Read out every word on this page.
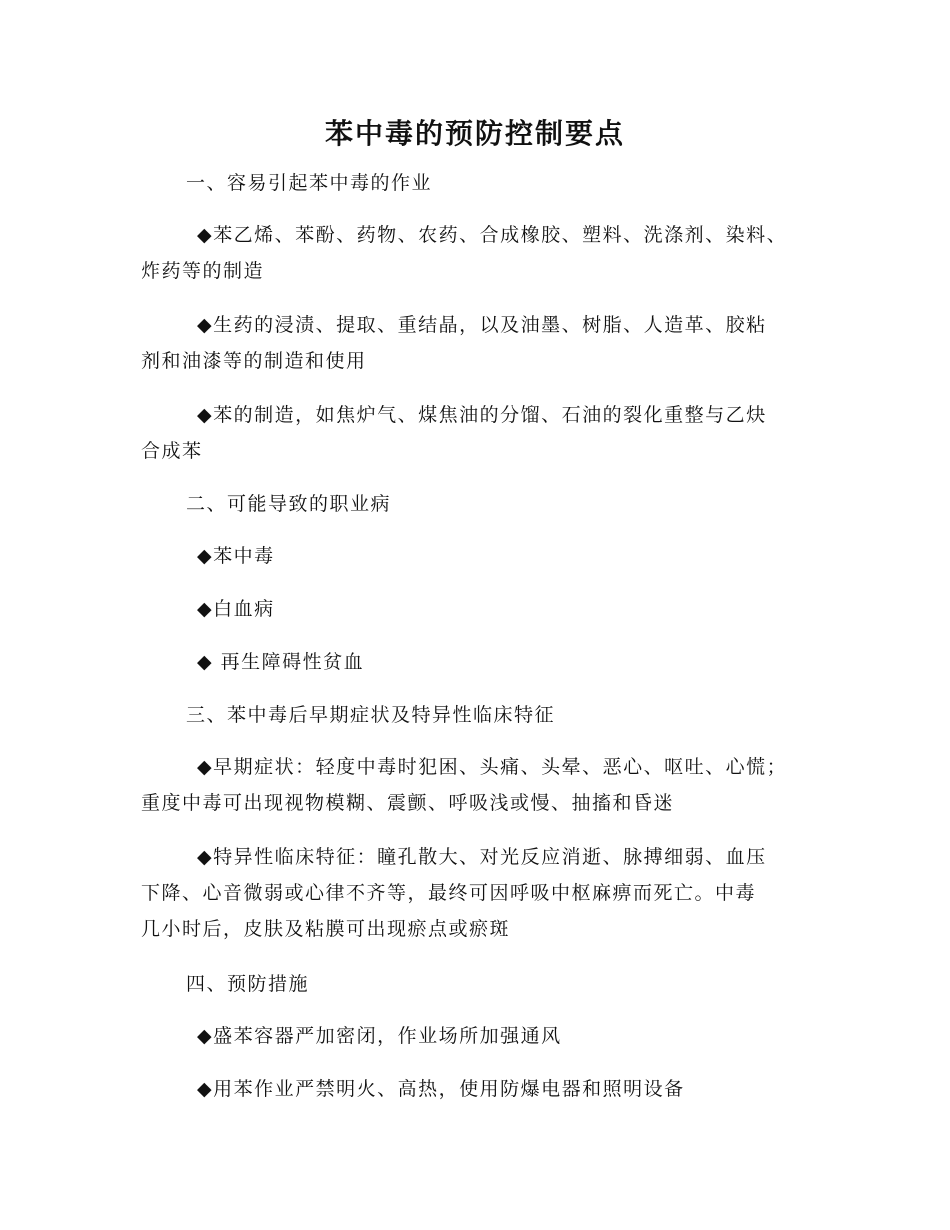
苯中毒的预防控制要点
一、容易引起苯中毒的作业
◆苯乙烯、苯酚、药物、农药、合成橡胶、塑料、洗涤剂、染料、
炸药等的制造
◆生药的浸渍、提取、重结晶，以及油墨、树脂、人造革、胶粘
剂和油漆等的制造和使用
◆苯的制造，如焦炉气、煤焦油的分馏、石油的裂化重整与乙炔
合成苯
二、可能导致的职业病
◆苯中毒
◆白血病
◆ 再生障碍性贫血
三、苯中毒后早期症状及特异性临床特征
◆早期症状：轻度中毒时犯困、头痛、头晕、恶心、呕吐、心慌；
重度中毒可出现视物模糊、震颤、呼吸浅或慢、抽搐和昏迷
◆特异性临床特征：瞳孔散大、对光反应消逝、脉搏细弱、血压
下降、心音微弱或心律不齐等，最终可因呼吸中枢麻痹而死亡。中毒
几小时后，皮肤及粘膜可出现瘀点或瘀斑
四、预防措施
◆盛苯容器严加密闭，作业场所加强通风
◆用苯作业严禁明火、高热，使用防爆电器和照明设备
